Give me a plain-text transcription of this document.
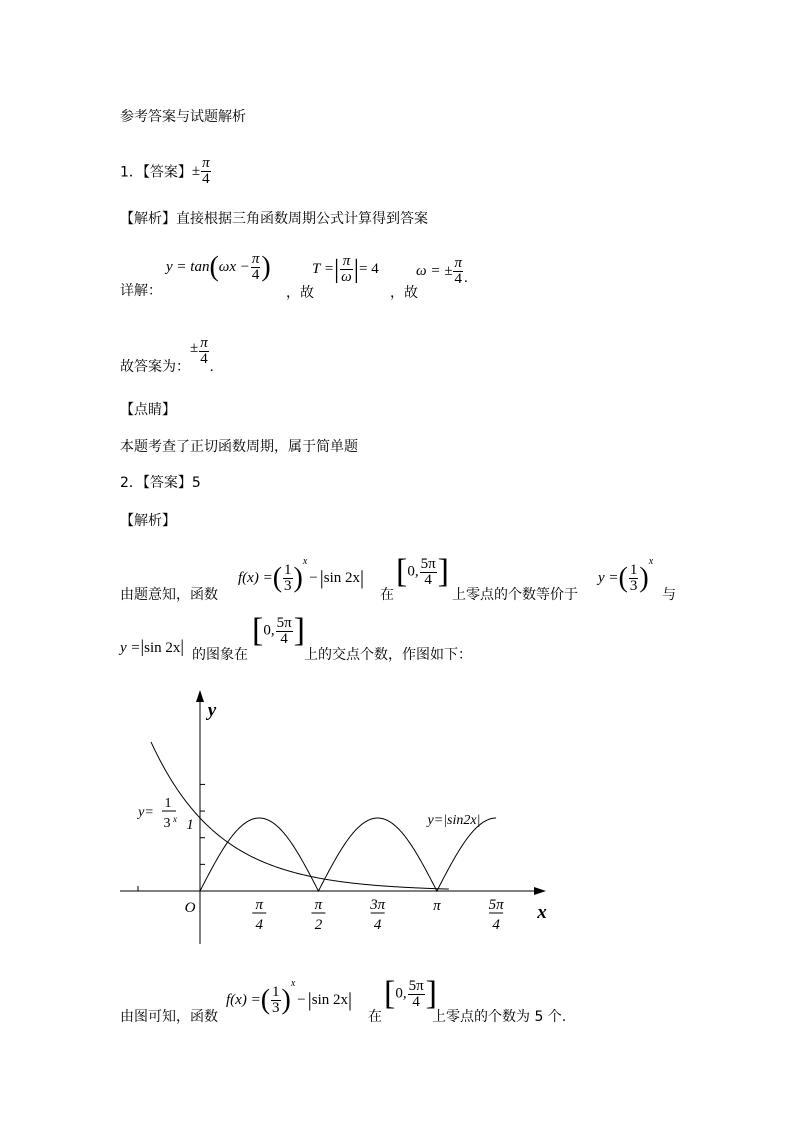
参考答案与试题解析
1．【答案】± $\frac{\pi}{4}$
【解析】直接根据三角函数周期公式计算得到答案
详解：
$y = \tan(\omega x - \frac{\pi}{4}$ )
，故
T =| $\frac{\pi}{\omega}$ |= 4
，故
ω = ± $\frac{\pi}{4}$ .
故答案为：± $\frac{\pi}{4}$ .
【点睛】
本题考查了正切函数周期，属于简单题
2．【答案】5
【解析】
由题意知，函数
f(x) =( $\frac{1}{3} )^x- |\sin$ 2x|
在
[0, $\frac{5\pi}{4}$ ]
上零点的个数等价于
y =( $\frac{1}{3} )^x$
与
y =|sin 2x| 的图象在
[0, $\frac{5\pi}{4}$ ]
上的交点个数，作图如下：
y
x
O
1
π
4
π
2
3π
4
π	5π
4
y=
1
3 x	y=|sin2x|
由图可知，函数
f(x) =( $\frac{1}{3} )^x- |\sin$ 2x|
在
[0, $\frac{5\pi}{4}$ ]
上零点的个数为 5 个.
